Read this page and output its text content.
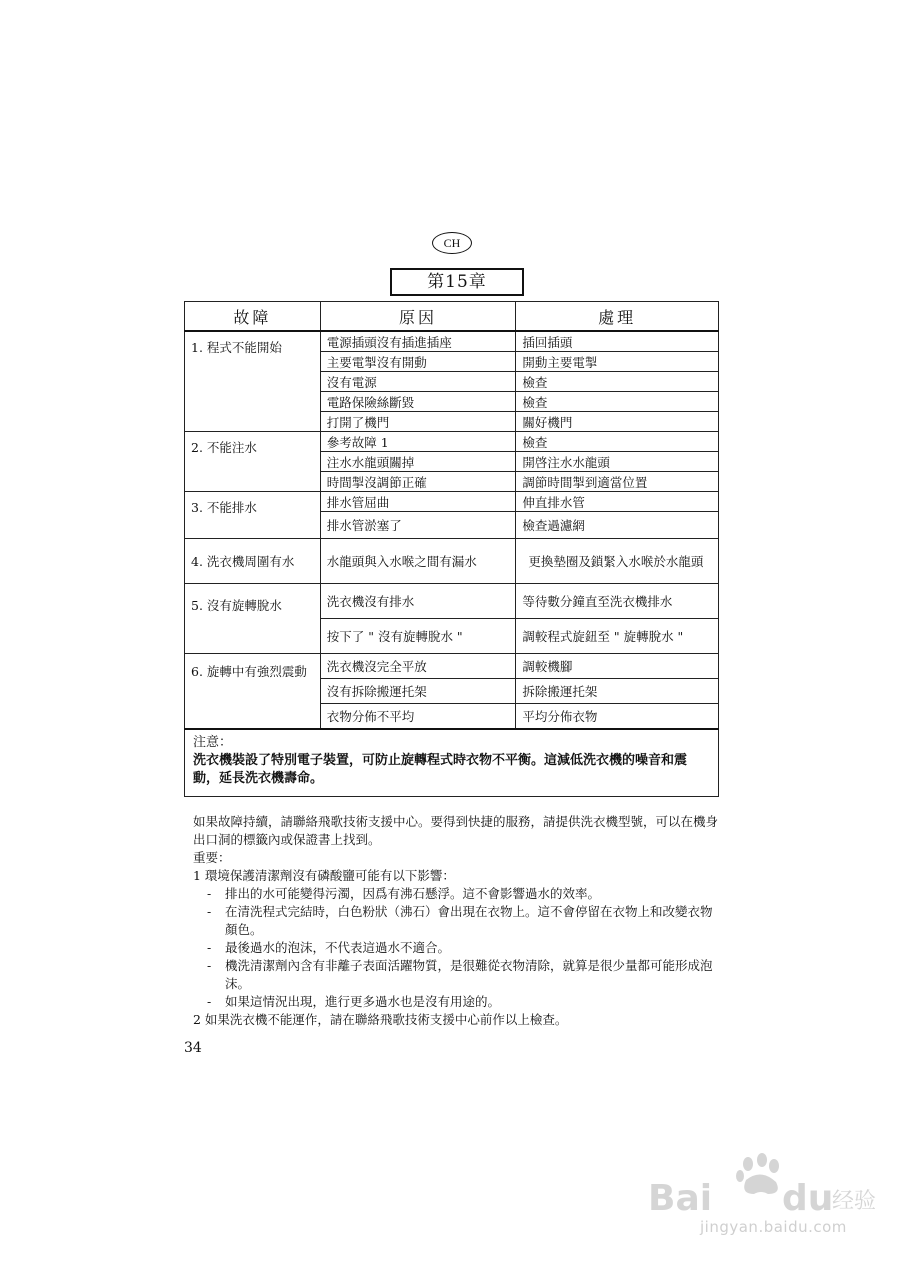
CH
第15章
故障	原因	處理
1. 程式不能開始	電源插頭沒有插進插座	插回插頭
	主要電掣沒有開動	開動主要電掣
	沒有電源	檢查
	電路保險絲斷毀	檢查
	打開了機門	關好機門
2. 不能注水	參考故障 1	檢查
	注水水龍頭關掉	開啓注水水龍頭
	時間掣沒調節正確	調節時間掣到適當位置
3. 不能排水	排水管屈曲	伸直排水管
	排水管淤塞了	檢查過濾網
4. 洗衣機周圍有水	水龍頭與入水喉之間有漏水	更換墊圈及鎖緊入水喉於水龍頭
5. 沒有旋轉脫水	洗衣機沒有排水	等待數分鐘直至洗衣機排水
	按下了 " 沒有旋轉脫水 "	調較程式旋鈕至 " 旋轉脫水 "
6. 旋轉中有強烈震動	洗衣機沒完全平放	調較機腳
	沒有拆除搬運托架	拆除搬運托架
	衣物分佈不平均	平均分佈衣物

注意：
洗衣機裝設了特別電子裝置，可防止旋轉程式時衣物不平衡。這減低洗衣機的噪音和震動，延長洗衣機壽命。		

如果故障持續，請聯絡飛歌技術支援中心。要得到快捷的服務，請提供洗衣機型號，可以在機身出口洞的標籤內或保證書上找到。

重要：

1 環境保護清潔劑沒有磷酸鹽可能有以下影響：

-	排出的水可能變得污濁，因爲有沸石懸浮。這不會影響過水的效率。

-	在清洗程式完結時，白色粉狀（沸石）會出現在衣物上。這不會停留在衣物上和改變衣物顏色。

-	最後過水的泡沫，不代表這過水不適合。

-	機洗清潔劑內含有非離子表面活躍物質，是很難從衣物清除，就算是很少量都可能形成泡沫。

-	如果這情況出現，進行更多過水也是沒有用途的。

2 如果洗衣機不能運作，請在聯絡飛歌技術支援中心前作以上檢查。

34
Bai du
经验
jingyan.baidu.com
